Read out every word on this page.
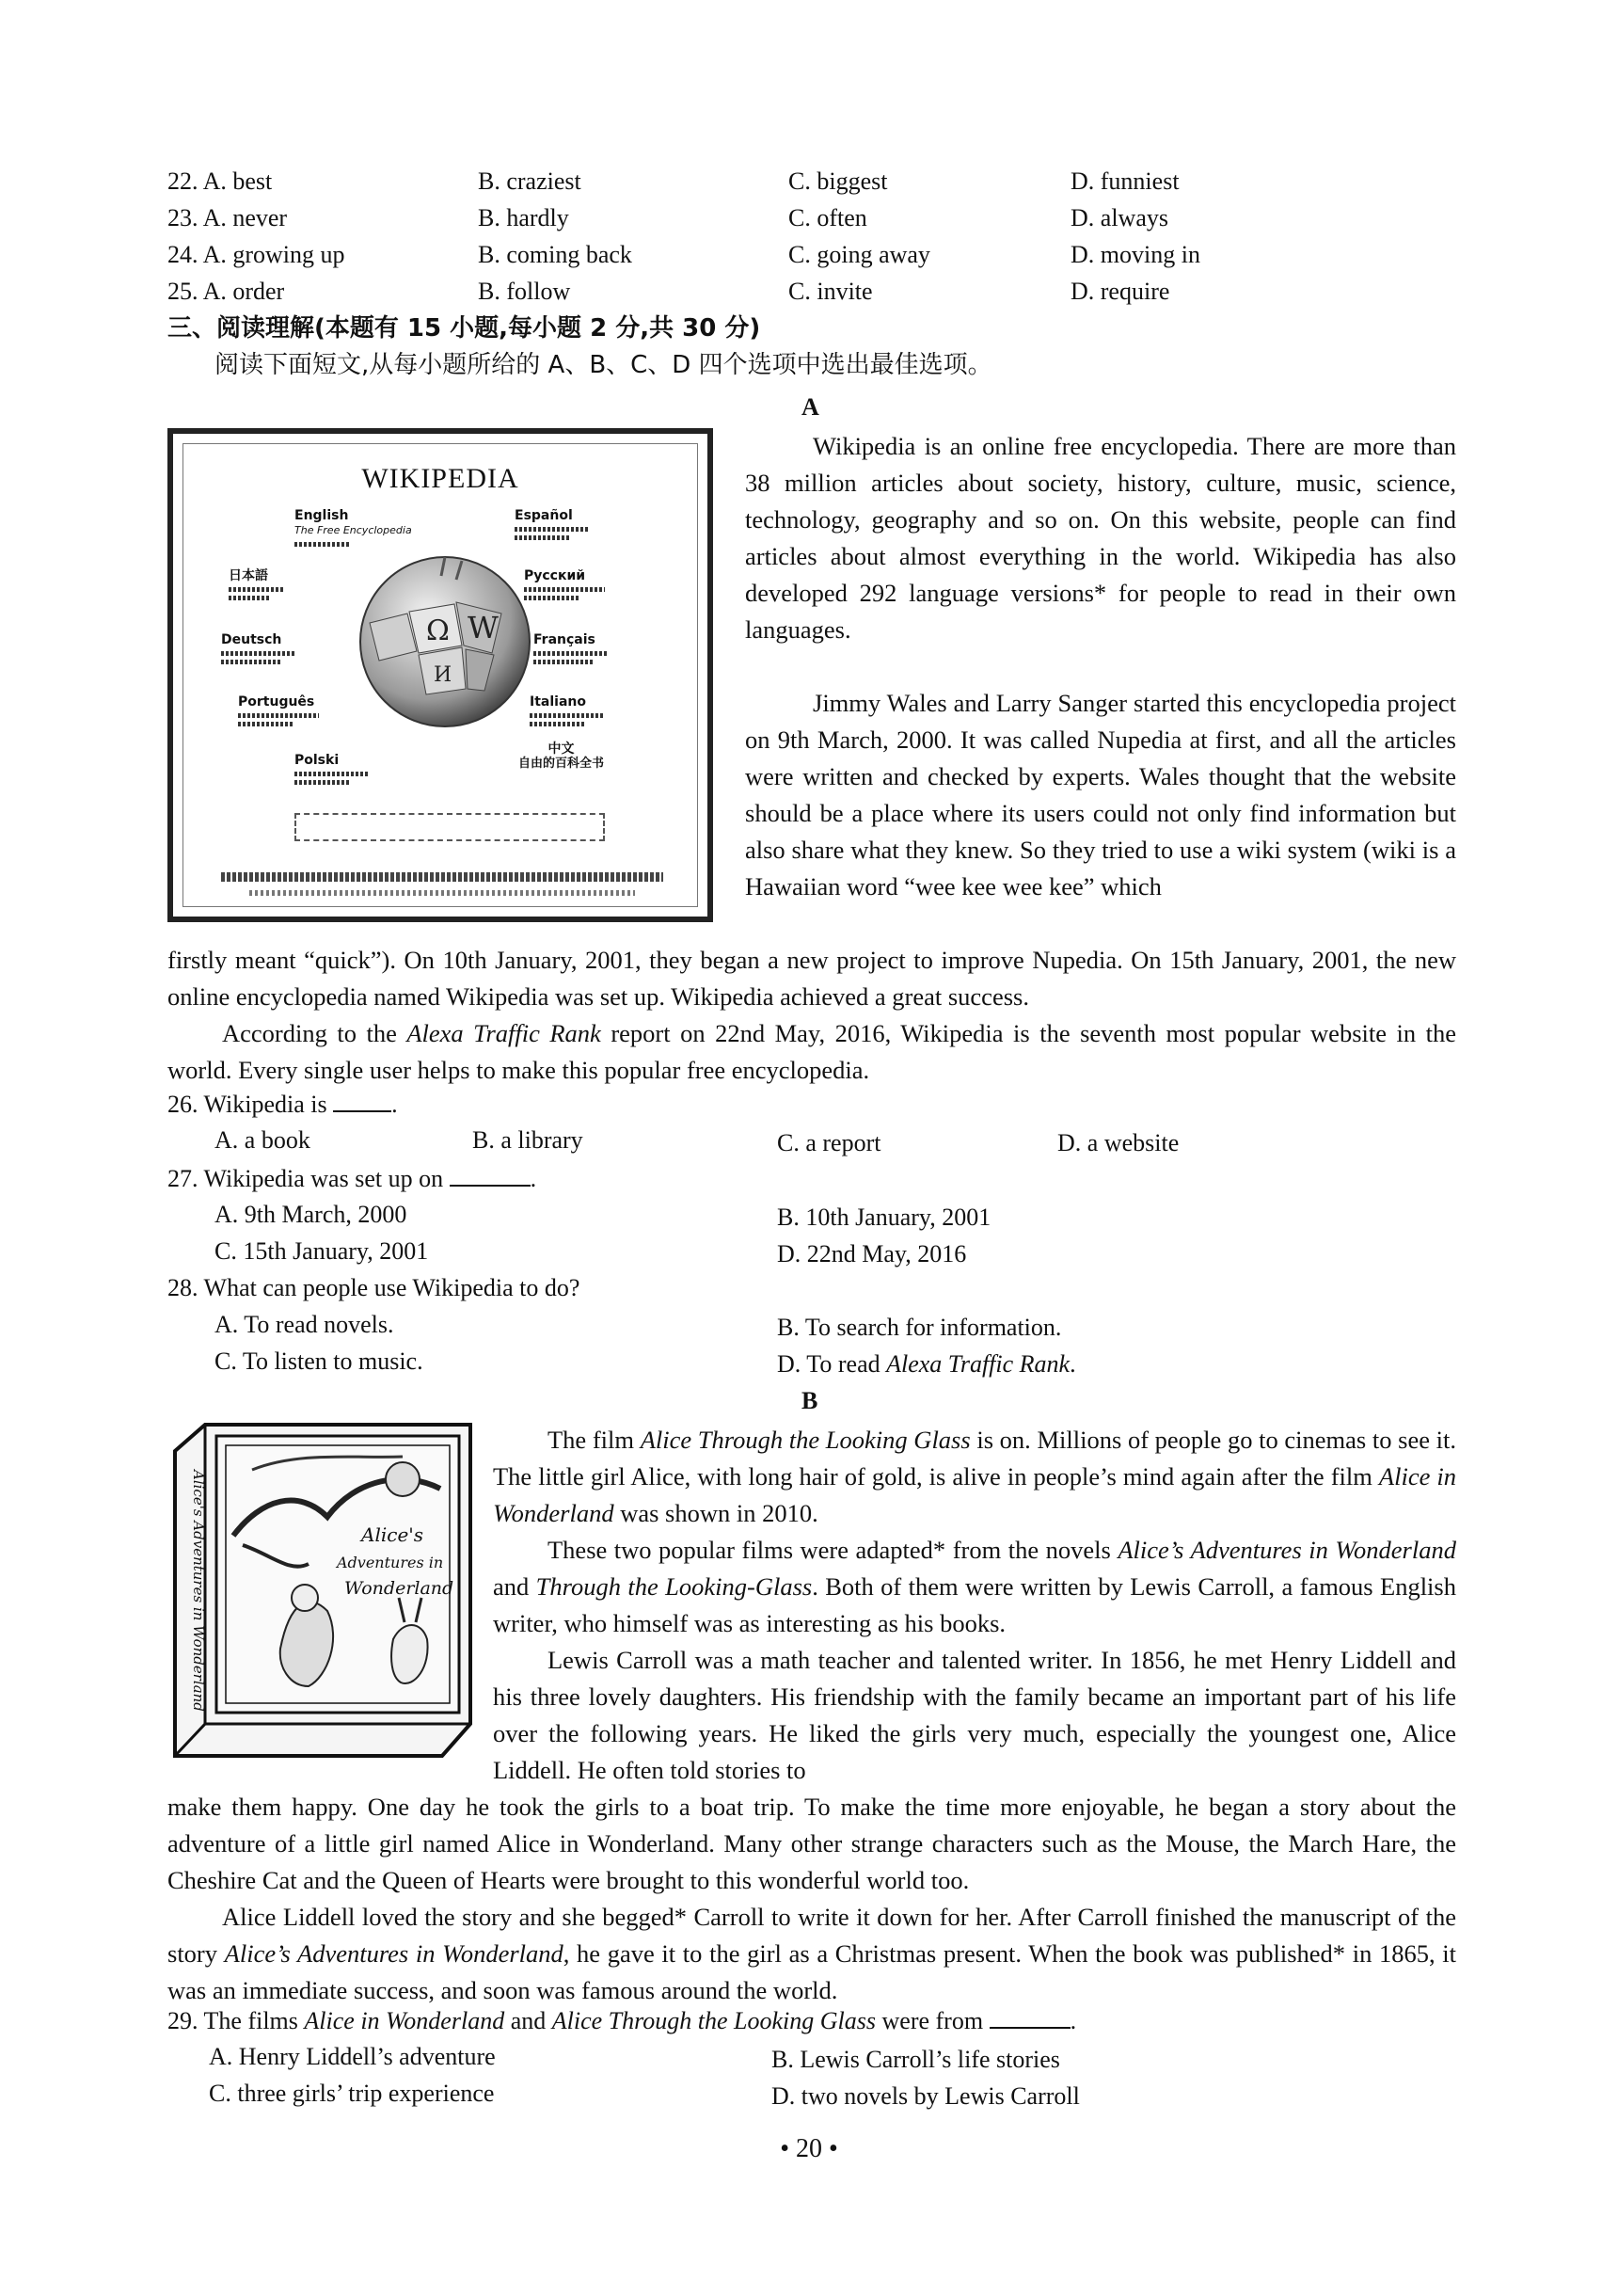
22. A. best	B. craziest	C. biggest	D. funniest
23. A. never	B. hardly	C. often	D. always
24. A. growing up	B. coming back	C. going away	D. moving in
25. A. order	B. follow	C. invite	D. require
三、阅读理解(本题有 15 小题,每小题 2 分,共 30 分)
阅读下面短文,从每小题所给的 A、B、C、D 四个选项中选出最佳选项。
A
WIKIPEDIA
English
The Free Encyclopedia
Español
日本語	Русский
Deutsch	Français
Português	Italiano
Polski
中文
自由的百科全书
Ω W
И

Wikipedia is an online free encyclopedia. There are more than 38 million articles about society, history, culture, music, science, technology, geography and so on. On this website, people can find articles about almost everything in the world. Wikipedia has also developed 292 language versions* for people to read in their own languages.

Jimmy Wales and Larry Sanger started this encyclopedia project on 9th March, 2000. It was called Nupedia at first, and all the articles were written and checked by experts. Wales thought that the website should be a place where its users could not only find information but also share what they knew. So they tried to use a wiki system (wiki is a Hawaiian word “wee kee wee kee” which

firstly meant “quick”). On 10th January, 2001, they began a new project to improve Nupedia. On 15th January, 2001, the new online encyclopedia named Wikipedia was set up. Wikipedia achieved a great success.

According to the Alexa Traffic Rank report on 22nd May, 2016, Wikipedia is the seventh most popular website in the world. Every single user helps to make this popular free encyclopedia.

26. Wikipedia is	.
A. a book	B. a library	C. a report	D. a website
27. Wikipedia was set up on	.
A. 9th March, 2000	B. 10th January, 2001
C. 15th January, 2001	D. 22nd May, 2016
28. What can people use Wikipedia to do?
A. To read novels.	B. To search for information.
C. To listen to music.	D. To read Alexa Traffic Rank.
B
Alice's
Adventures in
Wonderland
Alice's Adventures in Wonderland

The film Alice Through the Looking Glass is on. Millions of people go to cinemas to see it. The little girl Alice, with long hair of gold, is alive in people’s mind again after the film Alice in Wonderland was shown in 2010.

These two popular films were adapted* from the novels Alice’s Adventures in Wonderland and Through the Looking-Glass. Both of them were written by Lewis Carroll, a famous English writer, who himself was as interesting as his books.

Lewis Carroll was a math teacher and talented writer. In 1856, he met Henry Liddell and his three lovely daughters. His friendship with the family became an important part of his life over the following years. He liked the girls very much, especially the youngest one, Alice Liddell. He often told stories to

make them happy. One day he took the girls to a boat trip. To make the time more enjoyable, he began a story about the adventure of a little girl named Alice in Wonderland. Many other strange characters such as the Mouse, the March Hare, the Cheshire Cat and the Queen of Hearts were brought to this wonderful world too.

Alice Liddell loved the story and she begged* Carroll to write it down for her. After Carroll finished the manuscript of the story Alice’s Adventures in Wonderland, he gave it to the girl as a Christmas present. When the book was published* in 1865, it was an immediate success, and soon was famous around the world.

29. The films Alice in Wonderland and Alice Through the Looking Glass were from	.
A. Henry Liddell’s adventure	B. Lewis Carroll’s life stories
C. three girls’ trip experience	D. two novels by Lewis Carroll
• 20 •
